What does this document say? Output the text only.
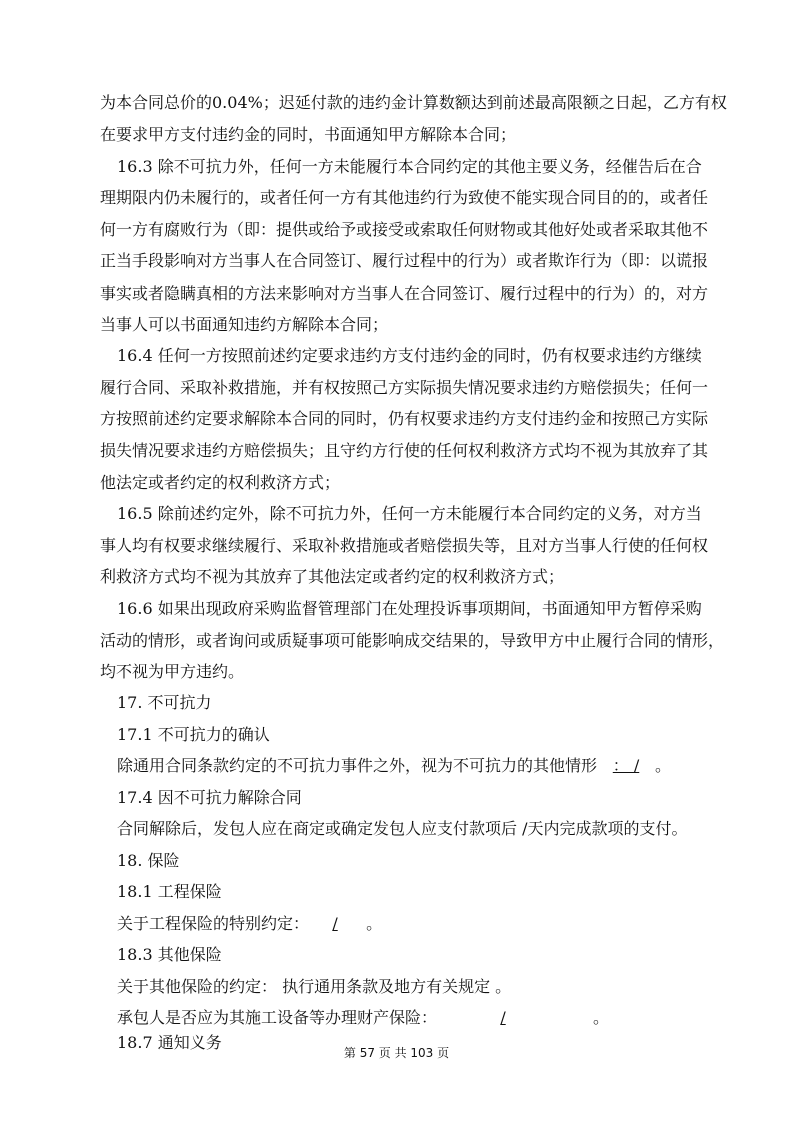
为本合同总价的0.04%；迟延付款的违约金计算数额达到前述最高限额之日起，乙方有权
在要求甲方支付违约金的同时，书面通知甲方解除本合同；
16.3 除不可抗力外，任何一方未能履行本合同约定的其他主要义务，经催告后在合
理期限内仍未履行的，或者任何一方有其他违约行为致使不能实现合同目的的，或者任
何一方有腐败行为（即：提供或给予或接受或索取任何财物或其他好处或者采取其他不
正当手段影响对方当事人在合同签订、履行过程中的行为）或者欺诈行为（即：以谎报
事实或者隐瞒真相的方法来影响对方当事人在合同签订、履行过程中的行为）的，对方
当事人可以书面通知违约方解除本合同；
16.4 任何一方按照前述约定要求违约方支付违约金的同时，仍有权要求违约方继续
履行合同、采取补救措施，并有权按照己方实际损失情况要求违约方赔偿损失；任何一
方按照前述约定要求解除本合同的同时，仍有权要求违约方支付违约金和按照己方实际
损失情况要求违约方赔偿损失；且守约方行使的任何权利救济方式均不视为其放弃了其
他法定或者约定的权利救济方式；
16.5 除前述约定外，除不可抗力外，任何一方未能履行本合同约定的义务，对方当
事人均有权要求继续履行、采取补救措施或者赔偿损失等，且对方当事人行使的任何权
利救济方式均不视为其放弃了其他法定或者约定的权利救济方式；
16.6 如果出现政府采购监督管理部门在处理投诉事项期间，书面通知甲方暂停采购
活动的情形，或者询问或质疑事项可能影响成交结果的，导致甲方中止履行合同的情形，
均不视为甲方违约。
17. 不可抗力
17.1 不可抗力的确认
除通用合同条款约定的不可抗力事件之外，视为不可抗力的其他情形 ： /。
17.4 因不可抗力解除合同
合同解除后，发包人应在商定或确定发包人应支付款项后 /天内完成款项的支付。
18. 保险
18.1 工程保险
关于工程保险的特别约定：/ 。
18.3 其他保险
关于其他保险的约定： 执行通用条款及地方有关规定 。
承包人是否应为其施工设备等办理财产保险：	/	。
18.7 通知义务
第 57 页 共 103 页
